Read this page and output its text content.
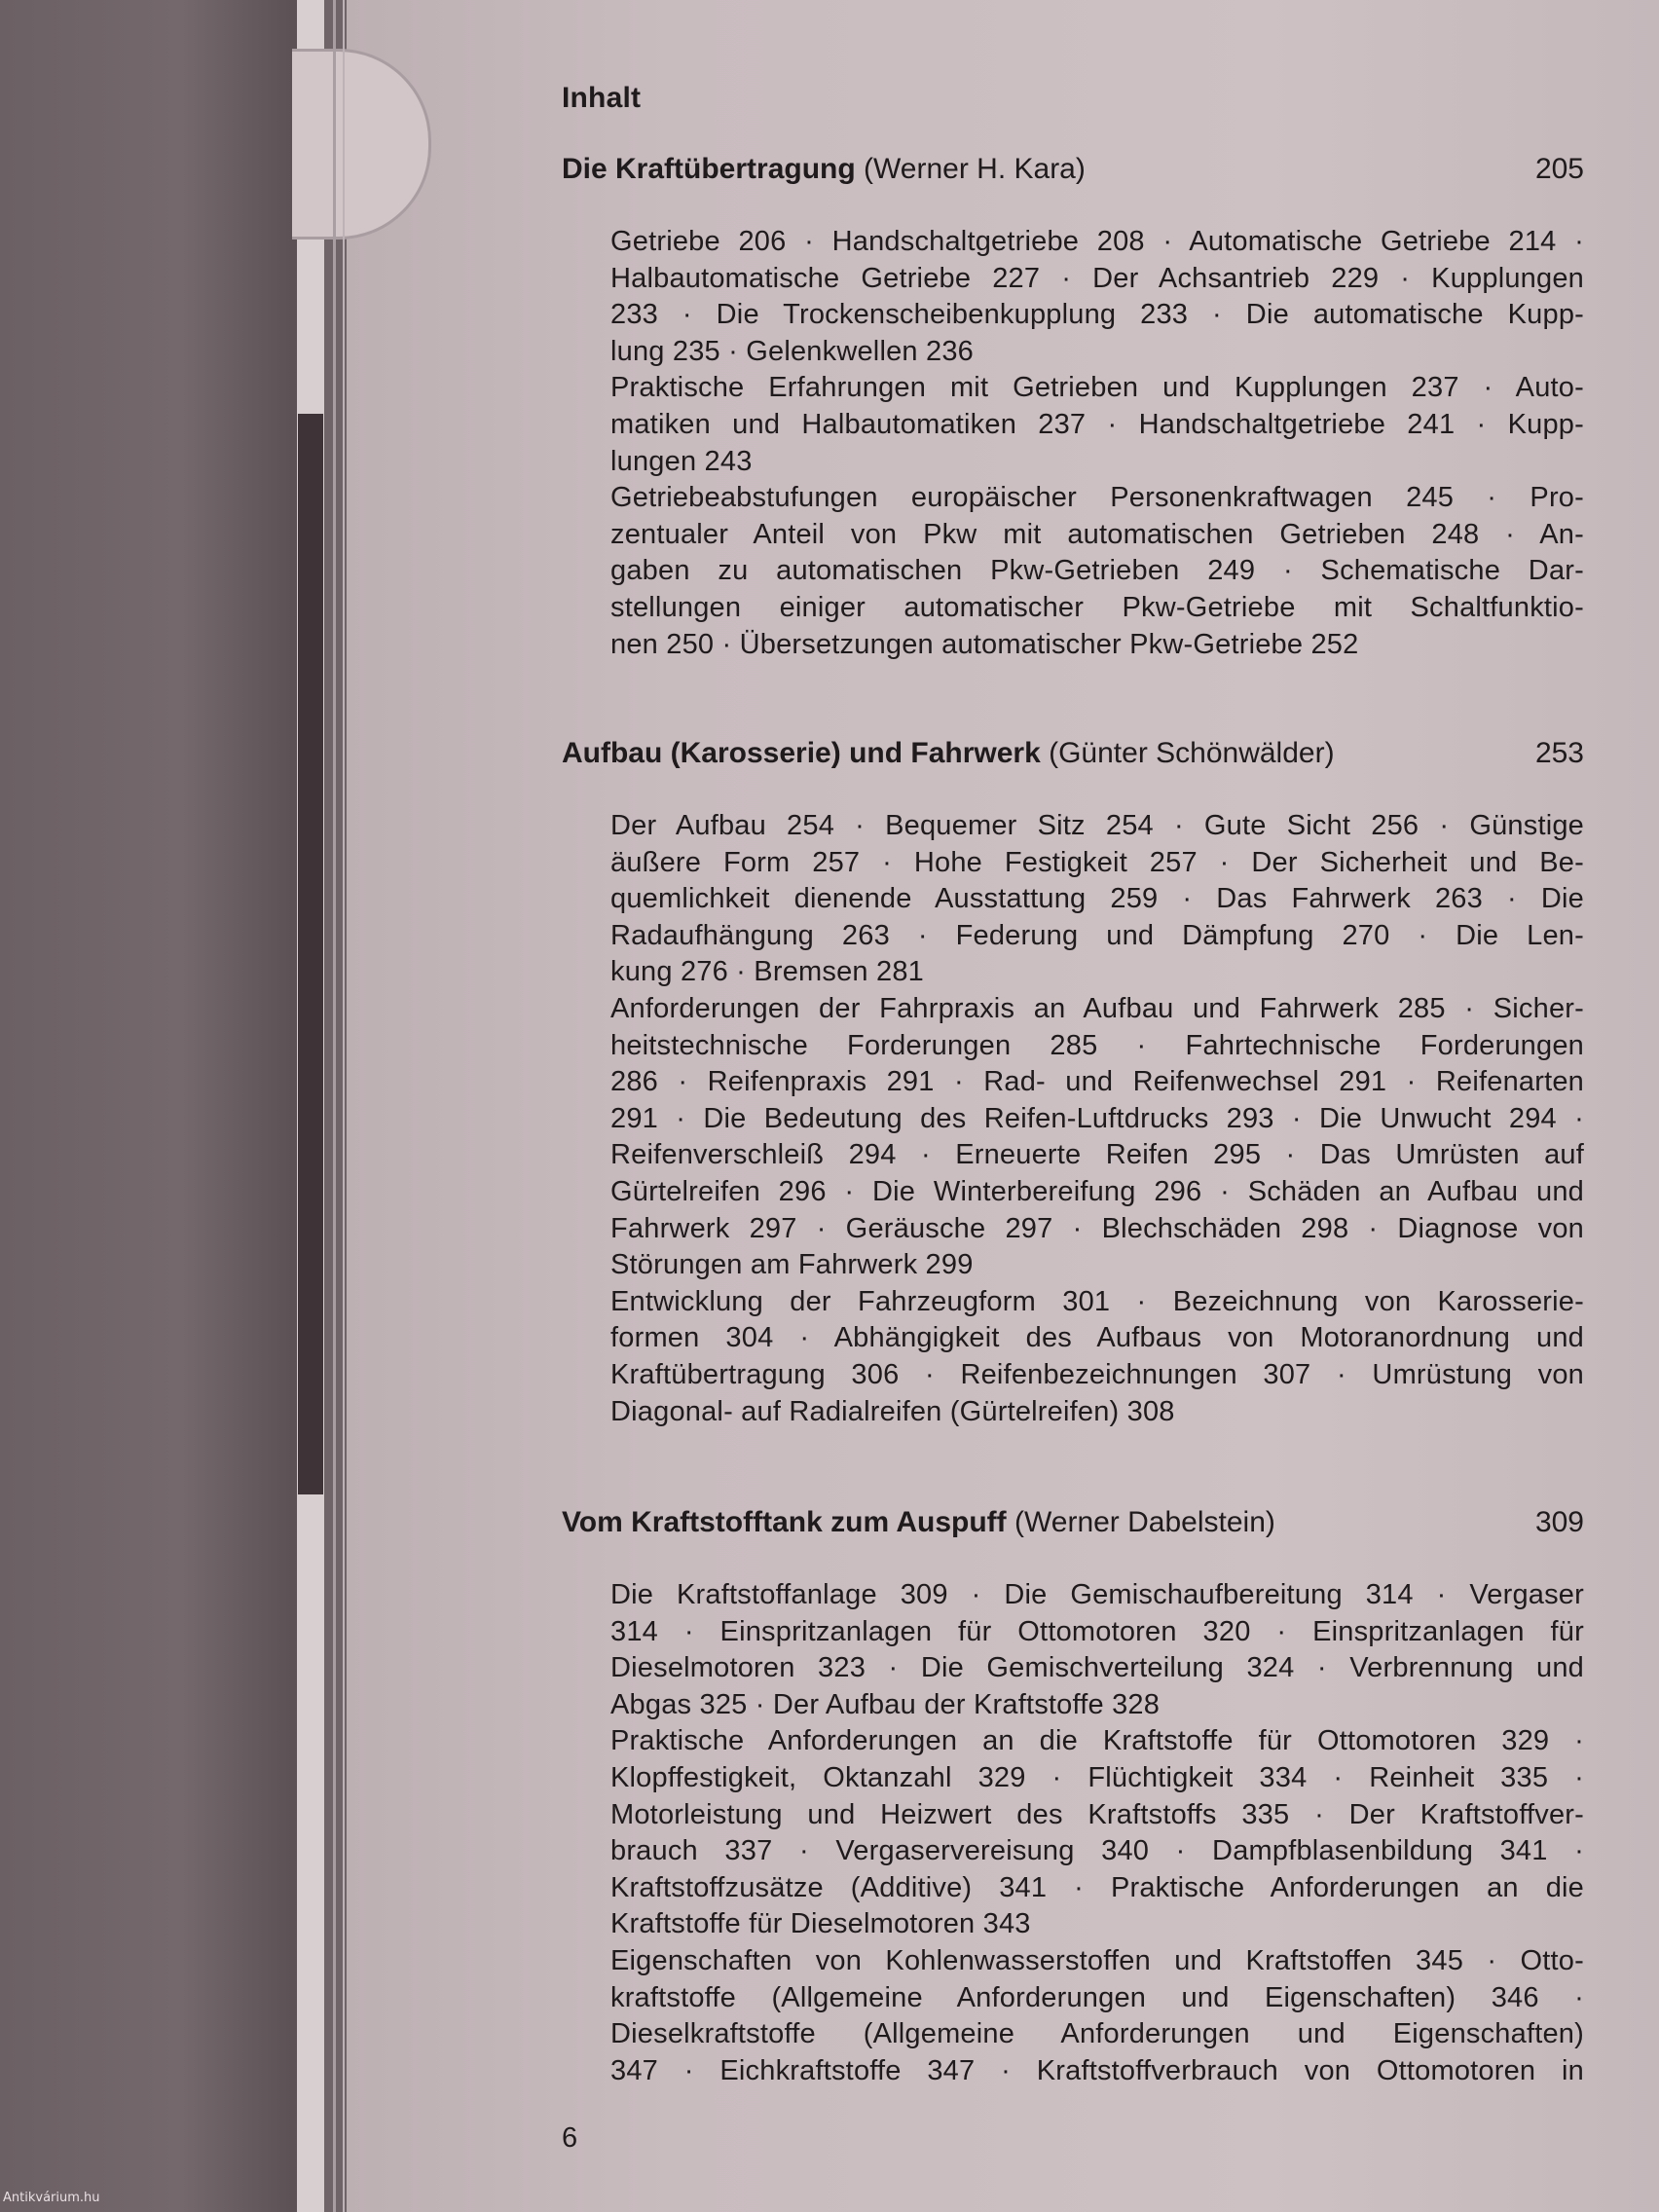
Inhalt
Die Kraftübertragung (Werner H. Kara)	205
Getriebe 206 · Handschaltgetriebe 208 · Automatische Getriebe 214 ·
Halbautomatische Getriebe 227 · Der Achsantrieb 229 · Kupplungen
233 · Die Trockenscheibenkupplung 233 · Die automatische Kupp-
lung 235 · Gelenkwellen 236
Praktische Erfahrungen mit Getrieben und Kupplungen 237 · Auto-
matiken und Halbautomatiken 237 · Handschaltgetriebe 241 · Kupp-
lungen 243
Getriebeabstufungen europäischer Personenkraftwagen 245 · Pro-
zentualer Anteil von Pkw mit automatischen Getrieben 248 · An-
gaben zu automatischen Pkw-Getrieben 249 · Schematische Dar-
stellungen einiger automatischer Pkw-Getriebe mit Schaltfunktio-
nen 250 · Übersetzungen automatischer Pkw-Getriebe 252
Aufbau (Karosserie) und Fahrwerk (Günter Schönwälder)	253
Der Aufbau 254 · Bequemer Sitz 254 · Gute Sicht 256 · Günstige
äußere Form 257 · Hohe Festigkeit 257 · Der Sicherheit und Be-
quemlichkeit dienende Ausstattung 259 · Das Fahrwerk 263 · Die
Radaufhängung 263 · Federung und Dämpfung 270 · Die Len-
kung 276 · Bremsen 281
Anforderungen der Fahrpraxis an Aufbau und Fahrwerk 285 · Sicher-
heitstechnische Forderungen 285 · Fahrtechnische Forderungen
286 · Reifenpraxis 291 · Rad- und Reifenwechsel 291 · Reifenarten
291 · Die Bedeutung des Reifen-Luftdrucks 293 · Die Unwucht 294 ·
Reifenverschleiß 294 · Erneuerte Reifen 295 · Das Umrüsten auf
Gürtelreifen 296 · Die Winterbereifung 296 · Schäden an Aufbau und
Fahrwerk 297 · Geräusche 297 · Blechschäden 298 · Diagnose von
Störungen am Fahrwerk 299
Entwicklung der Fahrzeugform 301 · Bezeichnung von Karosserie-
formen 304 · Abhängigkeit des Aufbaus von Motoranordnung und
Kraftübertragung 306 · Reifenbezeichnungen 307 · Umrüstung von
Diagonal- auf Radialreifen (Gürtelreifen) 308
Vom Kraftstofftank zum Auspuff (Werner Dabelstein)	309
Die Kraftstoffanlage 309 · Die Gemischaufbereitung 314 · Vergaser
314 · Einspritzanlagen für Ottomotoren 320 · Einspritzanlagen für
Dieselmotoren 323 · Die Gemischverteilung 324 · Verbrennung und
Abgas 325 · Der Aufbau der Kraftstoffe 328
Praktische Anforderungen an die Kraftstoffe für Ottomotoren 329 ·
Klopffestigkeit, Oktanzahl 329 · Flüchtigkeit 334 · Reinheit 335 ·
Motorleistung und Heizwert des Kraftstoffs 335 · Der Kraftstoffver-
brauch 337 · Vergaservereisung 340 · Dampfblasenbildung 341 ·
Kraftstoffzusätze (Additive) 341 · Praktische Anforderungen an die
Kraftstoffe für Dieselmotoren 343
Eigenschaften von Kohlenwasserstoffen und Kraftstoffen 345 · Otto-
kraftstoffe (Allgemeine Anforderungen und Eigenschaften) 346 ·
Dieselkraftstoffe (Allgemeine Anforderungen und Eigenschaften)
347 · Eichkraftstoffe 347 · Kraftstoffverbrauch von Ottomotoren in
6
Antikvárium.hu
